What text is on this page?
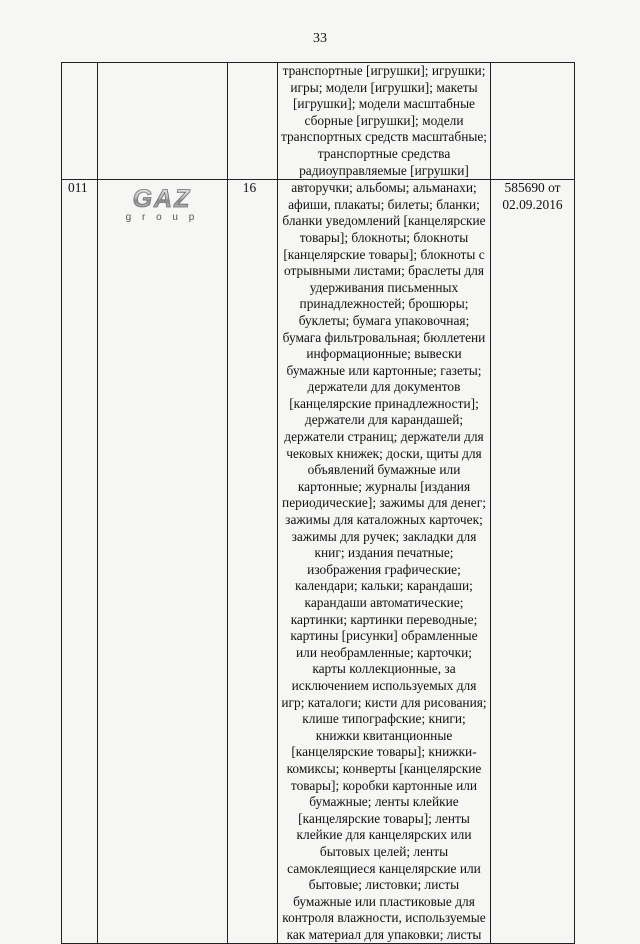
33

			транспортные [игрушки]; игрушки; игры; модели [игрушки]; макеты [игрушки]; модели масштабные сборные [игрушки]; модели транспортных средств масштабные; транспортные средства радиоуправляемые [игрушки]	

011	GAZ
g r o u p	16	авторучки; альбомы; альманахи; афиши, плакаты; билеты; бланки; бланки уведомлений [канцелярские товары]; блокноты; блокноты [канцелярские товары]; блокноты с отрывными листами; браслеты для удерживания письменных принадлежностей; брошюры; буклеты; бумага упаковочная; бумага фильтровальная; бюллетени информационные; вывески бумажные или картонные; газеты; держатели для документов [канцелярские принадлежности]; держатели для карандашей; держатели страниц; держатели для чековых книжек; доски, щиты для объявлений бумажные или картонные; журналы [издания периодические]; зажимы для денег; зажимы для каталожных карточек; зажимы для ручек; закладки для книг; издания печатные; изображения графические; календари; кальки; карандаши; карандаши автоматические; картинки; картинки переводные; картины [рисунки] обрамленные или необрамленные; карточки; карты коллекционные, за исключением используемых для игр; каталоги; кисти для рисования; клише типографские; книги; книжки квитанционные [канцелярские товары]; книжки-комиксы; конверты [канцелярские товары]; коробки картонные или бумажные; ленты клейкие [канцелярские товары]; ленты клейкие для канцелярских или бытовых целей; ленты самоклеящиеся канцелярские или бытовые; листовки; листы бумажные или пластиковые для контроля влажности, используемые как материал для упаковки; листы	585690 от 02.09.2016
